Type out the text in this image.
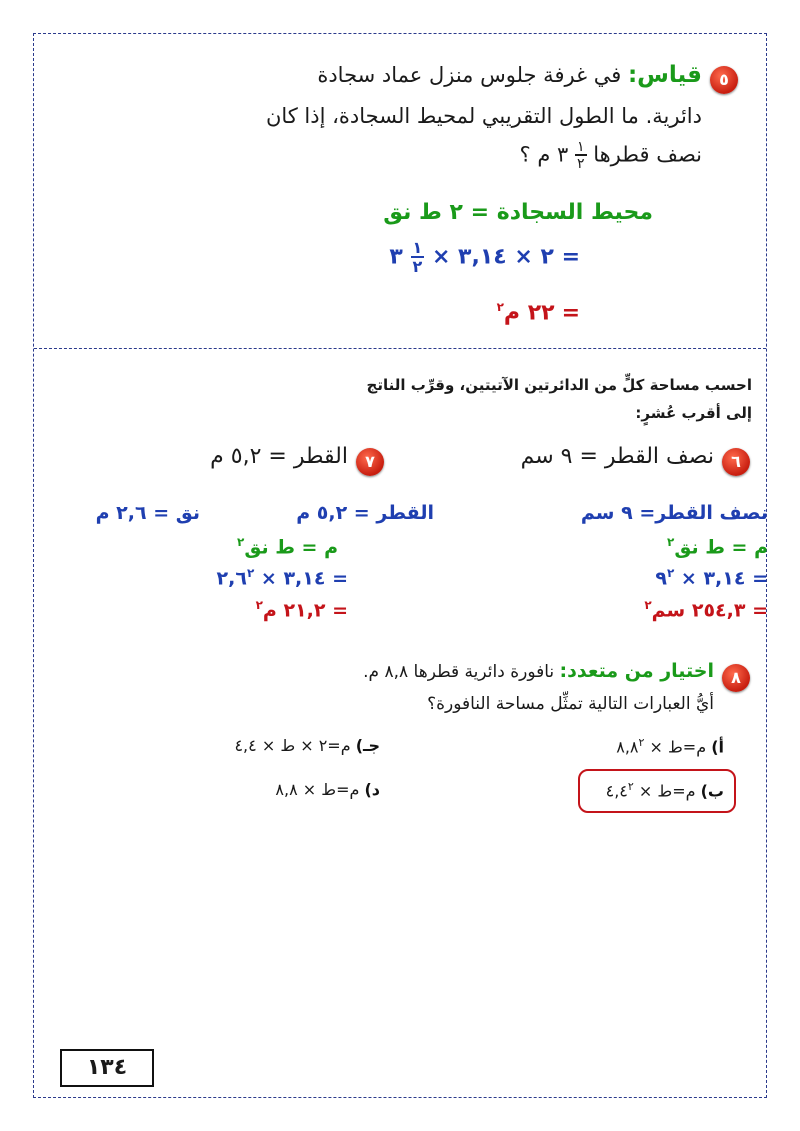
٥
قياس: في غرفة جلوس منزل عماد سجادة
دائرية. ما الطول التقريبي لمحيط السجادة، إذا كان
نصف قطرها
$\frac{١}{٢}$
٣ م ؟
محيط السجادة = ٢ ط نق
= ٢ × ٣,١٤ ×
$\frac{١}{٢}$
٣
= ٢٢ م$^٢$
احسب مساحة كلٍّ من الدائرتين الآتيتين، وقرِّب الناتج
إلى أقرب عُشرٍ:
٦
نصف القطر = ٩ سم
٧
القطر = ٥,٢ م
نصف القطر= ٩ سم
م = ط نق$^٢$
= ٣,١٤ × $٩^٢$
= ٢٥٤,٣ سم$^٢$
القطر = ٥,٢ م
نق = ٢,٦ م
م = ط نق$^٢$
= ٣,١٤ × $٢,٦^٢$
= ٢١,٢ م$^٢$
٨
اختيار من متعدد: نافورة دائرية قطرها ٨,٨ م.
أيُّ العبارات التالية تمثِّل مساحة النافورة؟
أ) م=ط × $٨,٨^٢$
جـ) م=٢ × ط × ٤,٤
ب) م=ط × $٤,٤^٢$
د) م=ط × ٨,٨
١٣٤
